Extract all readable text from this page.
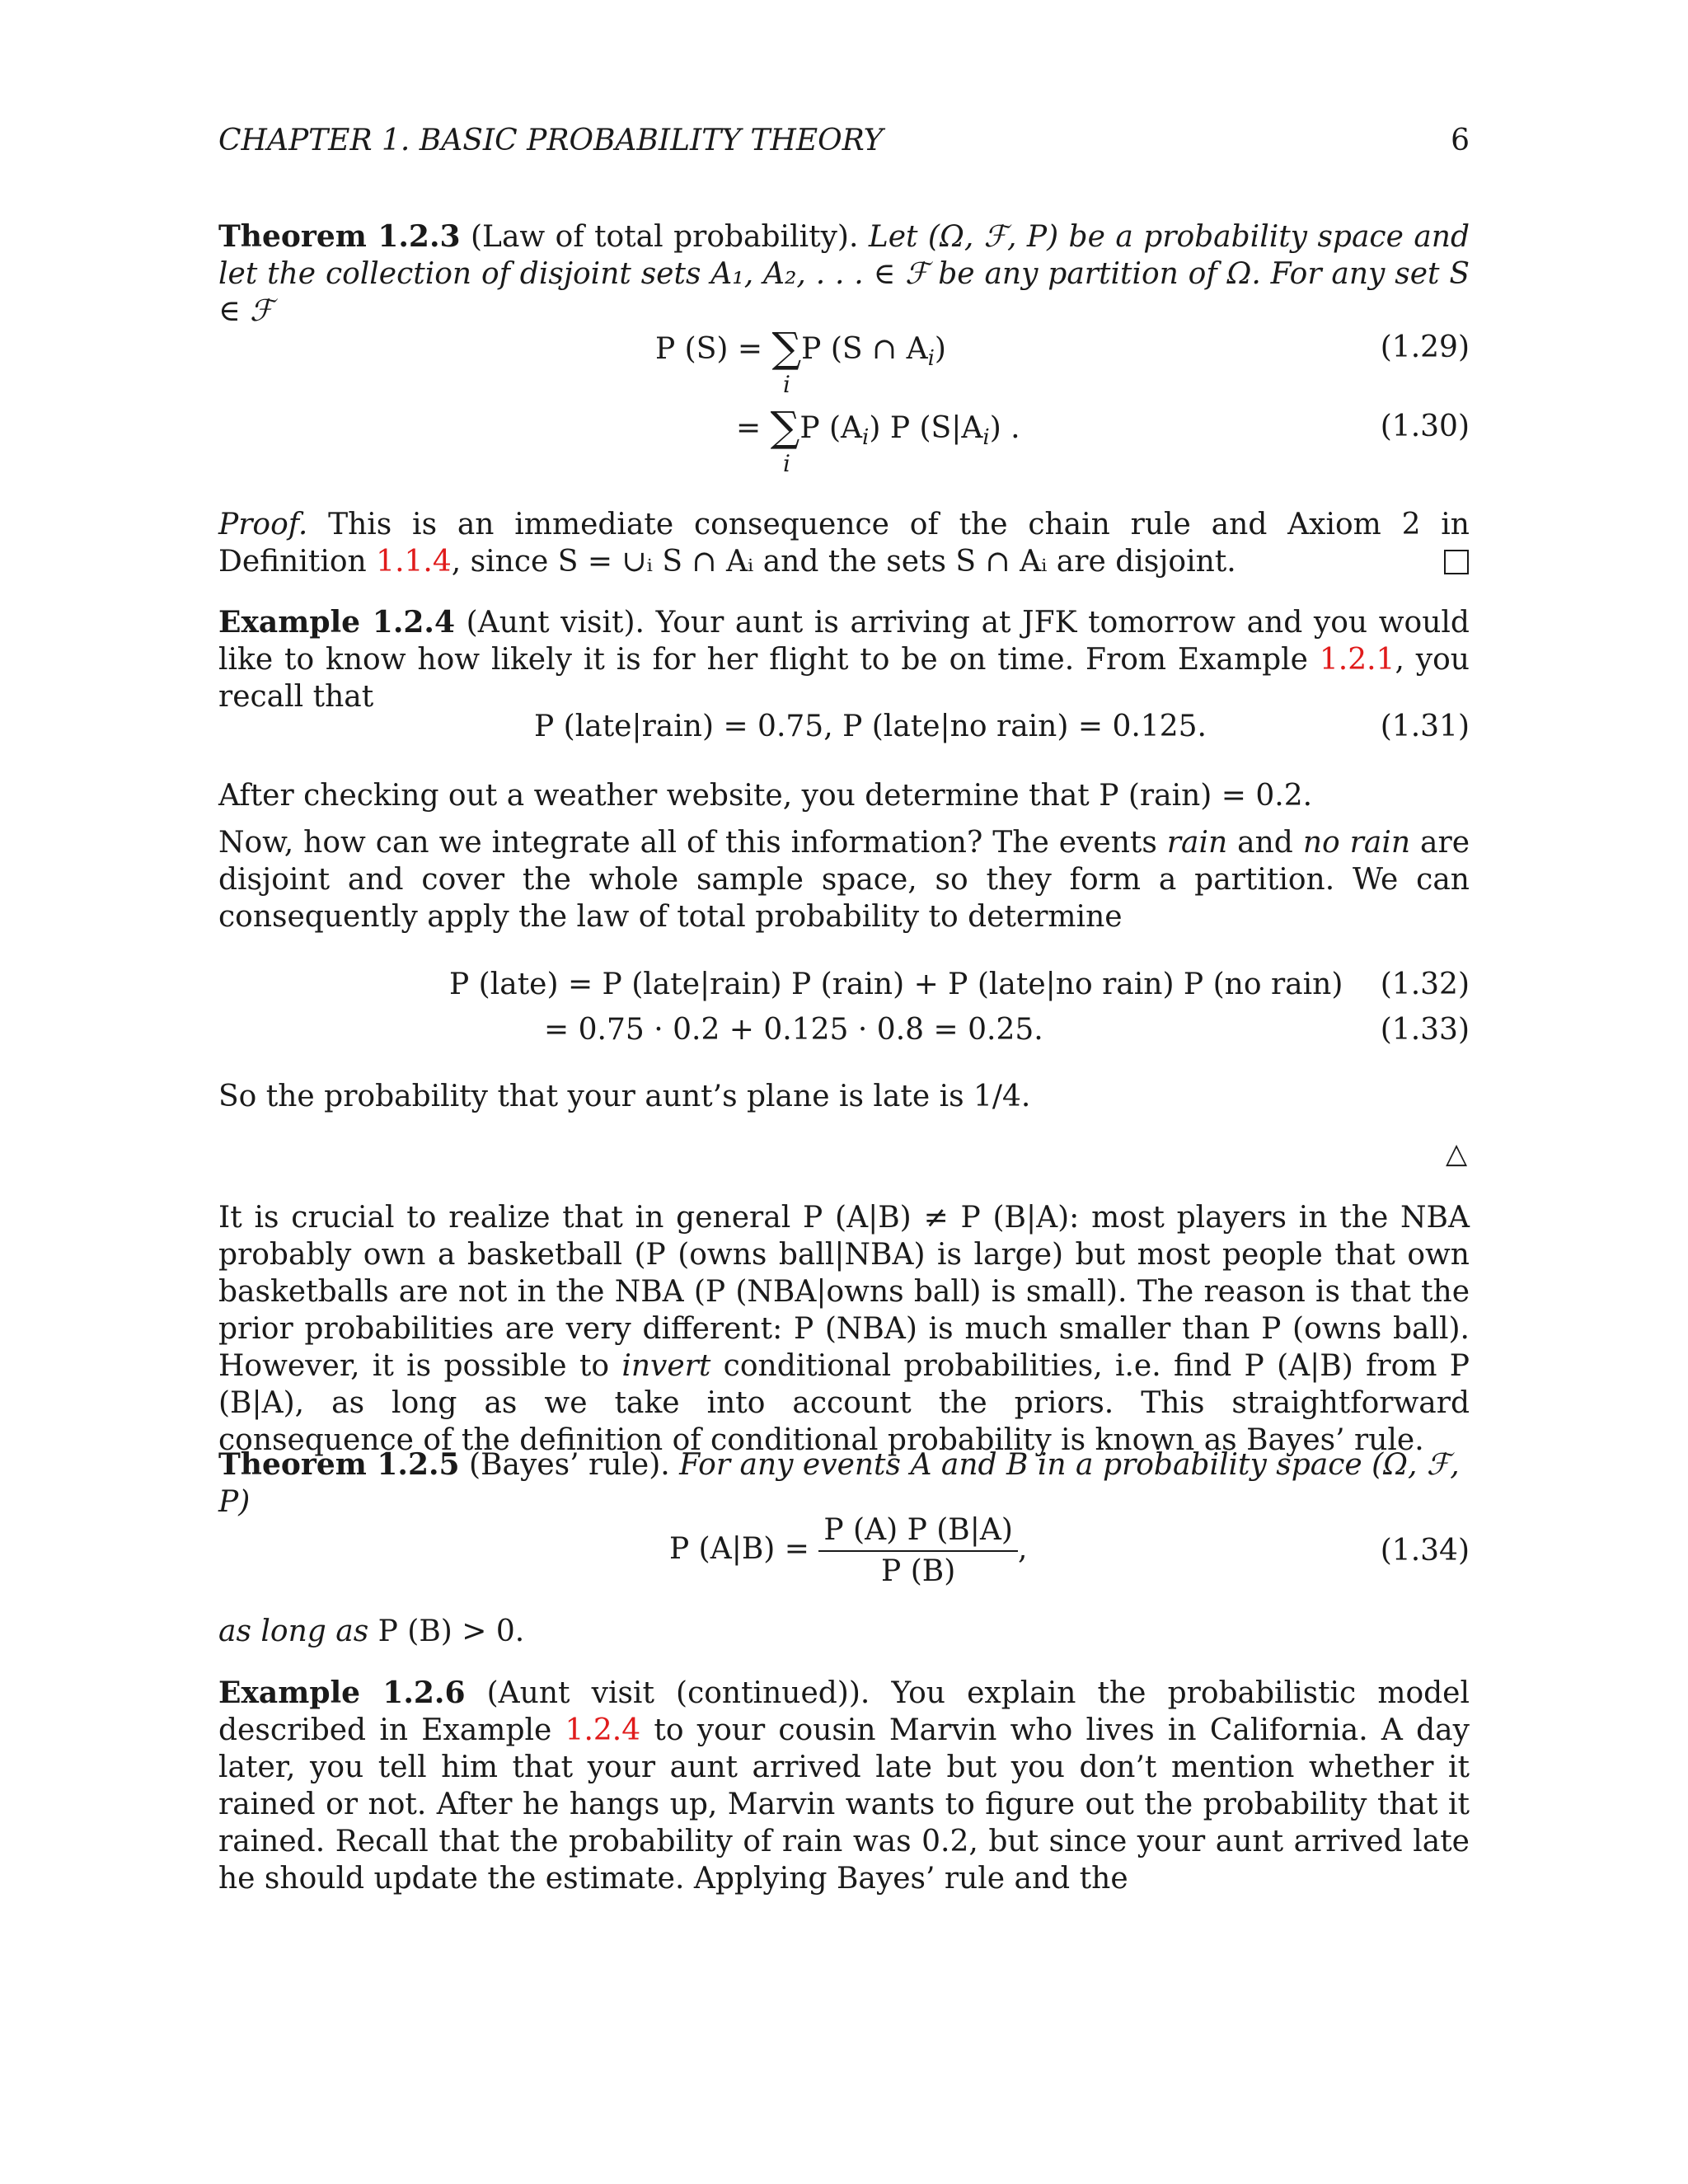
CHAPTER 1. BASIC PROBABILITY THEORY	6
Theorem 1.2.3 (Law of total probability). Let (Ω, ℱ, P) be a probability space and let the collection of disjoint sets A₁, A₂, . . . ∈ ℱ be any partition of Ω. For any set S ∈ ℱ
P (S) = ∑P (S ∩ $A_i$)
i
(1.29)
= ∑P $(A_i)$ P $(S|A_i)$ .
i
(1.30)
Proof. This is an immediate consequence of the chain rule and Axiom 2 in Definition 1.1.4, since S = ∪ᵢ S ∩ Aᵢ and the sets S ∩ Aᵢ are disjoint.
Example 1.2.4 (Aunt visit). Your aunt is arriving at JFK tomorrow and you would like to know how likely it is for her flight to be on time. From Example 1.2.1, you recall that
P (late|rain) = 0.75, P (late|no rain) = 0.125.	(1.31)
After checking out a weather website, you determine that P (rain) = 0.2.
Now, how can we integrate all of this information? The events rain and no rain are disjoint and cover the whole sample space, so they form a partition. We can consequently apply the law of total probability to determine
P (late) = P (late|rain) P (rain) + P (late|no rain) P (no rain) (1.32)
= 0.75 · 0.2 + 0.125 · 0.8 = 0.25.	(1.33)
So the probability that your aunt’s plane is late is 1/4.
△
It is crucial to realize that in general P (A|B) ≠ P (B|A): most players in the NBA probably own a basketball (P (owns ball|NBA) is large) but most people that own basketballs are not in the NBA (P (NBA|owns ball) is small). The reason is that the prior probabilities are very different: P (NBA) is much smaller than P (owns ball). However, it is possible to invert conditional probabilities, i.e. find P (A|B) from P (B|A), as long as we take into account the priors. This straightforward consequence of the definition of conditional probability is known as Bayes’ rule.
Theorem 1.2.5 (Bayes’ rule). For any events A and B in a probability space (Ω, ℱ, P)
P $(A|B) = \frac{P (A) P (B|A)}{P (B)}$ ,	(1.34)
as long as P (B) > 0.
Example 1.2.6 (Aunt visit (continued)). You explain the probabilistic model described in Example 1.2.4 to your cousin Marvin who lives in California. A day later, you tell him that your aunt arrived late but you don’t mention whether it rained or not. After he hangs up, Marvin wants to figure out the probability that it rained. Recall that the probability of rain was 0.2, but since your aunt arrived late he should update the estimate. Applying Bayes’ rule and the
